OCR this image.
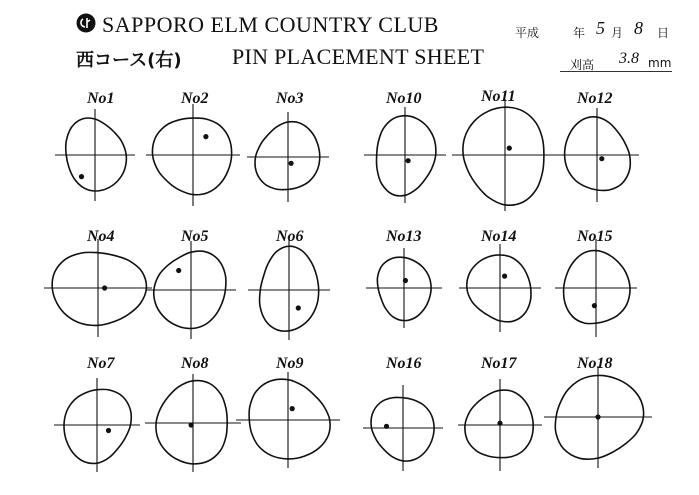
SAPPORO ELM COUNTRY CLUB
西コース(右) PIN PLACEMENT SHEET
平成	年 5 月 8 日
刈高 3.8 mm
No1	No2	No3	No10	No11	No12
No4	No5	No6	No13	No14	No15
No7	No8	No9	No16	No17	No18
